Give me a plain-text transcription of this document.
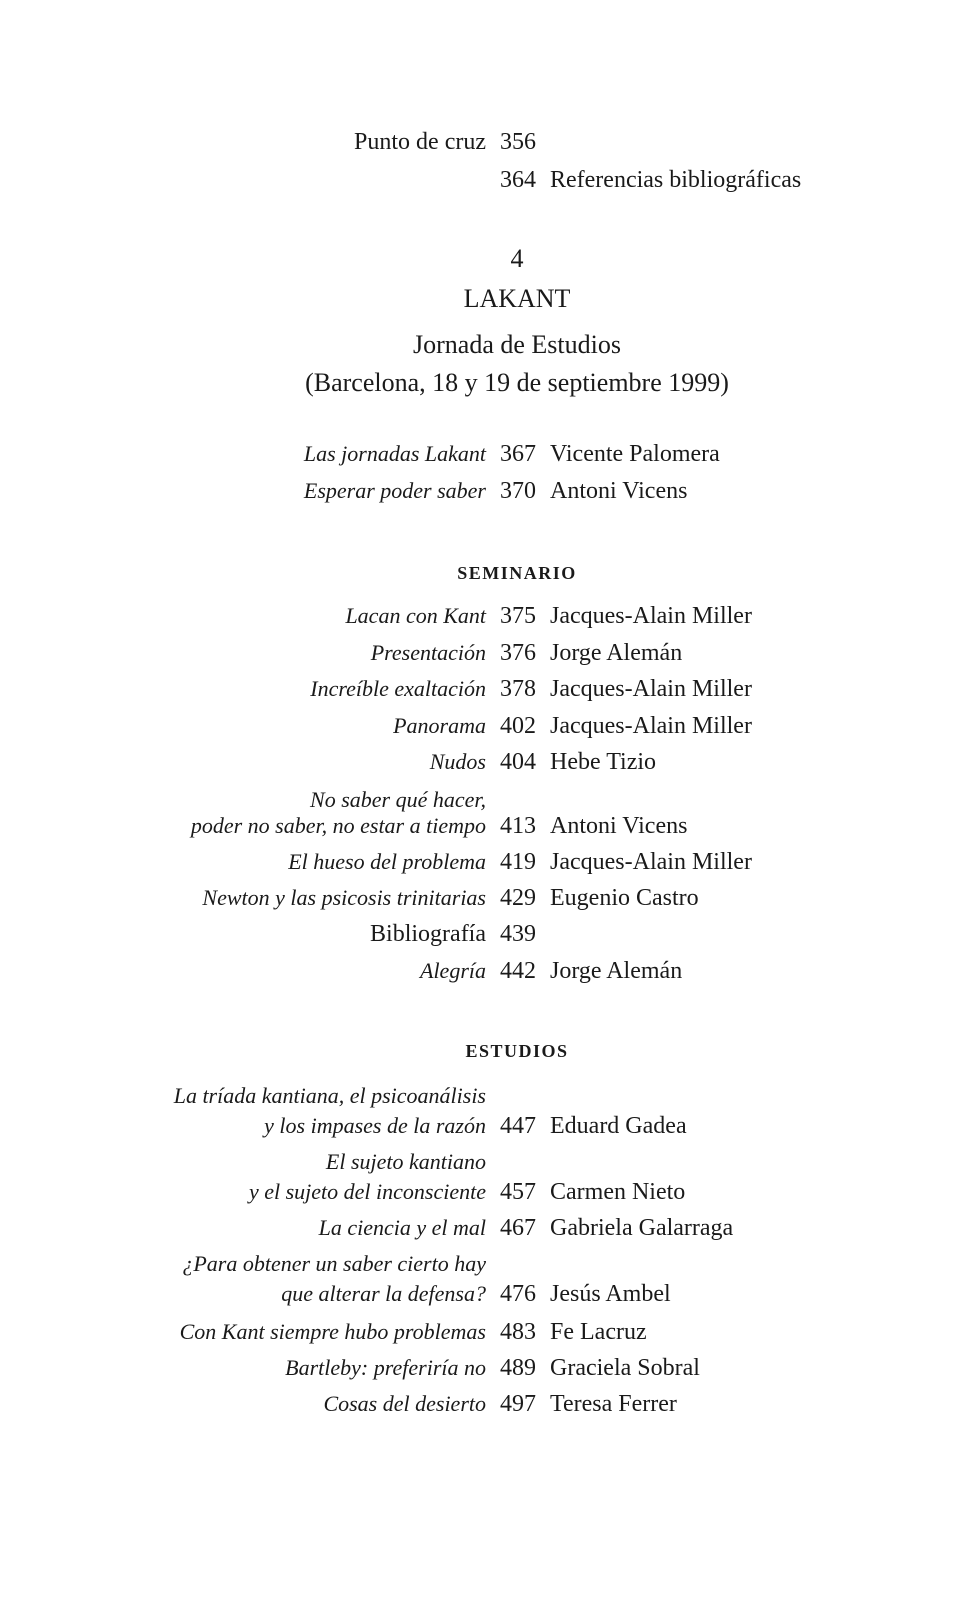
Punto de cruz 356
364 Referencias bibliográficas
4
LAKANT
Jornada de Estudios
(Barcelona, 18 y 19 de septiembre 1999)
Las jornadas Lakant 367 Vicente Palomera
Esperar poder saber 370 Antoni Vicens
SEMINARIO
Lacan con Kant 375 Jacques-Alain Miller
Presentación 376 Jorge Alemán
Increíble exaltación 378 Jacques-Alain Miller
Panorama 402 Jacques-Alain Miller
Nudos 404 Hebe Tizio
No saber qué hacer,
poder no saber, no estar a tiempo 413 Antoni Vicens
El hueso del problema 419 Jacques-Alain Miller
Newton y las psicosis trinitarias 429 Eugenio Castro
Bibliografía 439
Alegría 442 Jorge Alemán
ESTUDIOS
La tríada kantiana, el psicoanálisis
y los impases de la razón 447 Eduard Gadea
El sujeto kantiano
y el sujeto del inconsciente 457 Carmen Nieto
La ciencia y el mal 467 Gabriela Galarraga
¿Para obtener un saber cierto hay
que alterar la defensa? 476 Jesús Ambel
Con Kant siempre hubo problemas 483 Fe Lacruz
Bartleby: preferiría no 489 Graciela Sobral
Cosas del desierto 497 Teresa Ferrer
